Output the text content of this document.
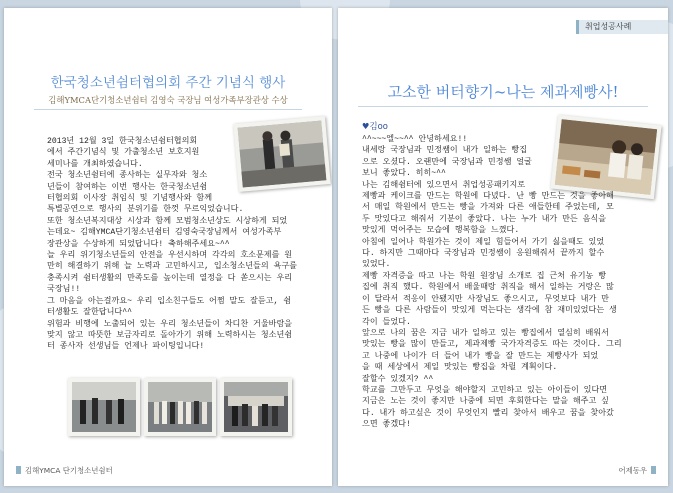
한국청소년쉼터협의회 주간 기념식 행사
김해YMCA단기청소년쉼터 김영숙 국장님 여성가족부장관상 수상
2013년 12월 3일 한국청소년쉼터협의회
에서 주간기념식 및 가출청소년 보호지원
세미나를 개최하였습니다.
전국 청소년쉼터에 종사하는 실무자와 청소
년들이 참여하는 이번 행사는 한국청소년쉼
터협의회 이사장 취임식 및 기념행사와 함께
특별공연으로 행사의 분위기를 한껏 무르익었습니다.
또한 청소년복지대상 시상과 함께 모범청소년상도 시상하게 되었
는데요~ 김해YMCA단기청소년쉼터 김영숙국장님께서 여성가족부
장관상을 수상하게 되었답니다! 축하해주세요~^^
늘 우리 위기청소년들의 안전을 우선시하며 각각의 호소문제를 원
만히 해결하기 위해 늘 노력과 고민하시고, 입소청소년들의 욕구를
충족시켜 쉼터생활의 만족도를 높이는데 열정을 다 쏟으시는 우리
국장님!!
그 마음을 아는걸까요~ 우리 입소친구들도 어쩜 말도 잘듣고, 쉼
터생활도 잘한답니다^^
위험과 비행에 노출되어 있는 우리 청소년들이 차디찬 거울바람을
맞지 않고 따뜻한 보금자리로 돌아가기 위해 노력하시는 청소년쉼
터 종사자 선생님들 언제나 파이팅입니다!
김해YMCA 단기청소년쉼터
취업성공사례
고소한 버터향기~나는 제과제빵사!
♥김oo
^^~~~엘~~^^ 안녕하세요!!
내세랑 국장님과 민정쌤이 내가 일하는 빵집
으로 오셨다. 오랜만에 국장님과 민정쌤 얼굴
보니 좋았다. 히히~^^
나는 김해쉼터에 있으면서 취업성공패키지로
제빵과 케이크를 만드는 학원에 다녔다. 난 빵 만드는 것을 좋아해
서 매일 학원에서 만드는 빵을 가져와 다른 애들한테 주었는데, 모
두 맛있다고 해줘서 기분이 좋았다. 나는 누가 내가 만든 음식을
맛있게 먹어주는 모습에 행복함을 느꼈다.
아침에 일어나 학원가는 것이 제일 힘들어서 가기 싫을때도 있었
다. 하지만 그때마다 국장님과 민정쌤이 응원해줘서 끝까지 할수
있었다.
제빵 자격증을 따고 나는 학원 원장님 소개로 집 근처 유기농 빵
집에 취직 했다. 학원에서 배울때랑 취직을 해서 일하는 거랑은 많
이 달라서 적응이 안됐지만 사장님도 좋으시고, 무엇보다 내가 만
든 빵을 다른 사람들이 맛있게 먹는다는 생각에 참 재미있었다는 생
각이 들었다.
앞으로 나의 꿈은 지금 내가 일하고 있는 빵집에서 열심히 배워서
맛있는 빵을 많이 만들고, 제과제빵 국가자격증도 따는 것이다. 그리
고 나중에 나이가 더 들어 내가 빵을 잘 만드는 제빵사가 되었
을 때 세상에서 제일 맛있는 빵집을 차릴 계획이다.
잘할수 있겠지? ^^
학교를 그만두고 무엇을 해야할지 고민하고 있는 아이들이 있다면
지금은 노는 것이 좋지만 나중에 되면 후회한다는 말을 해주고 싶
다. 내가 하고싶은 것이 무엇인지 빨리 찾아서 배우고 꿈을 찾아갔
으면 좋겠다!
어제동우
